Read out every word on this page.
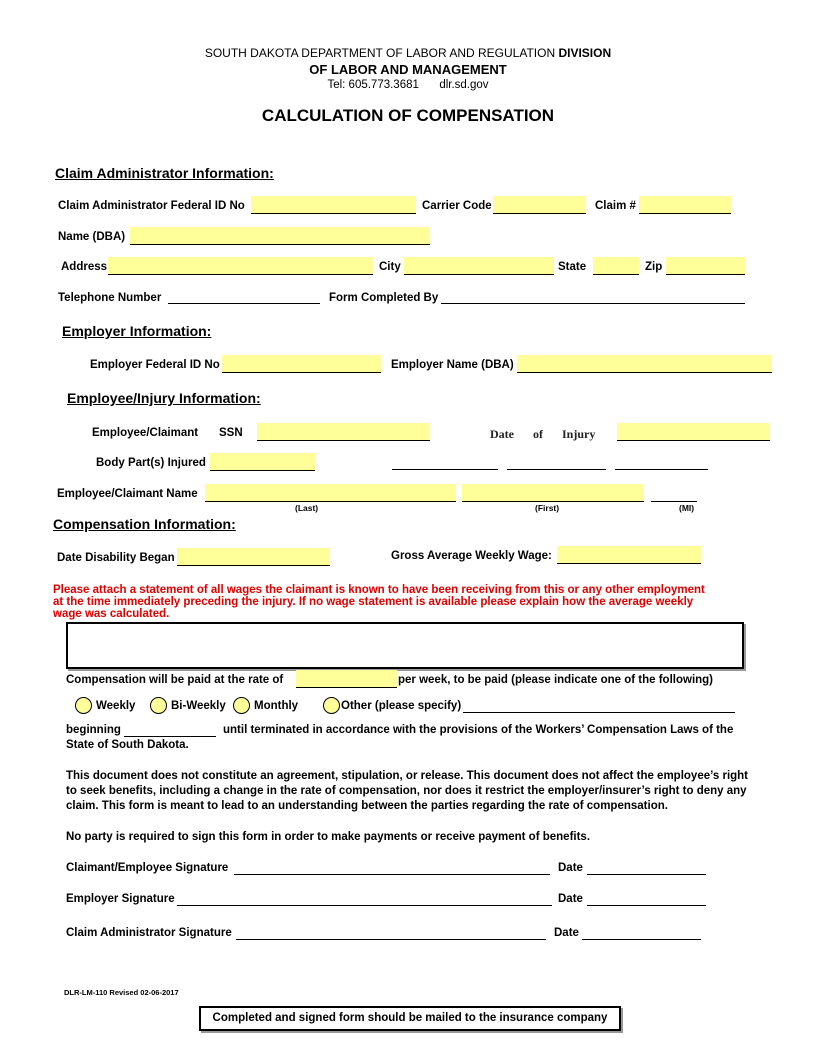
SOUTH DAKOTA DEPARTMENT OF LABOR AND REGULATION DIVISION
OF LABOR AND MANAGEMENT
Tel: 605.773.3681 dlr.sd.gov
CALCULATION OF COMPENSATION
Claim Administrator Information:
Claim Administrator Federal ID No	Carrier Code	Claim #
Name (DBA)
Address	City	State	Zip
Telephone Number	Form Completed By
Employer Information:
Employer Federal ID No	Employer Name (DBA)
Employee/Injury Information:
Employee/Claimant SSN	Date of Injury
Body Part(s) Injured
Employee/Claimant Name
(Last)	(First)	(MI)
Compensation Information:
Date Disability Began	Gross Average Weekly Wage:
Please attach a statement of all wages the claimant is known to have been receiving from this or any other employment
at the time immediately preceding the injury. If no wage statement is available please explain how the average weekly
wage was calculated.
Compensation will be paid at the rate of	per week, to be paid (please indicate one of the following)
Weekly	Bi-Weekly Monthly	Other (please specify)
beginning	until terminated in accordance with the provisions of the Workers’ Compensation Laws of the
State of South Dakota.
This document does not constitute an agreement, stipulation, or release. This document does not affect the employee’s right
to seek benefits, including a change in the rate of compensation, nor does it restrict the employer/insurer’s right to deny any
claim. This form is meant to lead to an understanding between the parties regarding the rate of compensation.
No party is required to sign this form in order to make payments or receive payment of benefits.
Claimant/Employee Signature	Date
Employer Signature	Date
Claim Administrator Signature	Date
DLR-LM-110 Revised 02-06-2017
Completed and signed form should be mailed to the insurance company
